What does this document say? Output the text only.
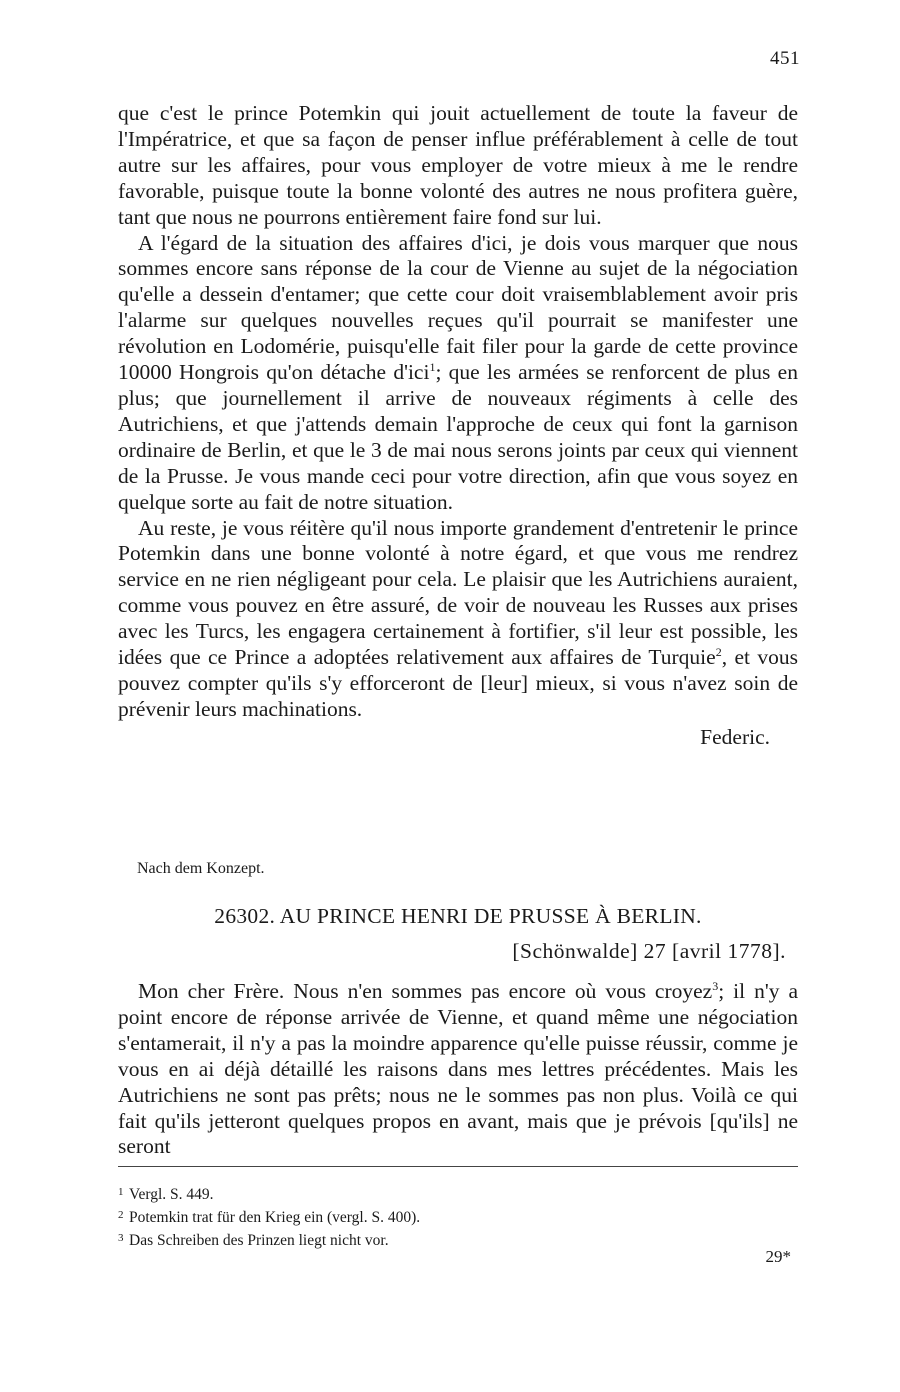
451

que c'est le prince Potemkin qui jouit actuellement de toute la faveur de l'Impératrice, et que sa façon de penser influe préférablement à celle de tout autre sur les affaires, pour vous employer de votre mieux à me le rendre favorable, puisque toute la bonne volonté des autres ne nous profitera guère, tant que nous ne pourrons entièrement faire fond sur lui.

A l'égard de la situation des affaires d'ici, je dois vous marquer que nous sommes encore sans réponse de la cour de Vienne au sujet de la négociation qu'elle a dessein d'entamer; que cette cour doit vraisemblablement avoir pris l'alarme sur quelques nouvelles reçues qu'il pourrait se manifester une révolution en Lodomérie, puisqu'elle fait filer pour la garde de cette province 10000 Hongrois qu'on détache d'ici$^1$; que les armées se renforcent de plus en plus; que journellement il arrive de nouveaux régiments à celle des Autrichiens, et que j'attends demain l'approche de ceux qui font la garnison ordinaire de Berlin, et que le 3 de mai nous serons joints par ceux qui viennent de la Prusse. Je vous mande ceci pour votre direction, afin que vous soyez en quelque sorte au fait de notre situation.

Au reste, je vous réitère qu'il nous importe grandement d'entretenir le prince Potemkin dans une bonne volonté à notre égard, et que vous me rendrez service en ne rien négligeant pour cela. Le plaisir que les Autrichiens auraient, comme vous pouvez en être assuré, de voir de nouveau les Russes aux prises avec les Turcs, les engagera certainement à fortifier, s'il leur est possible, les idées que ce Prince a adoptées relativement aux affaires de Turquie$^2$, et vous pouvez compter qu'ils s'y efforceront de [leur] mieux, si vous n'avez soin de prévenir leurs machinations.

Federic.
Nach dem Konzept.
26302. AU PRINCE HENRI DE PRUSSE À BERLIN.
[Schönwalde] 27 [avril 1778].

Mon cher Frère. Nous n'en sommes pas encore où vous croyez$^3$; il n'y a point encore de réponse arrivée de Vienne, et quand même une négociation s'entamerait, il n'y a pas la moindre apparence qu'elle puisse réussir, comme je vous en ai déjà détaillé les raisons dans mes lettres précédentes. Mais les Autrichiens ne sont pas prêts; nous ne le sommes pas non plus. Voilà ce qui fait qu'ils jetteront quelques propos en avant, mais que je prévois [qu'ils] ne seront

1 Vergl. S. 449.
2 Potemkin trat für den Krieg ein (vergl. S. 400).
3 Das Schreiben des Prinzen liegt nicht vor.
29*
